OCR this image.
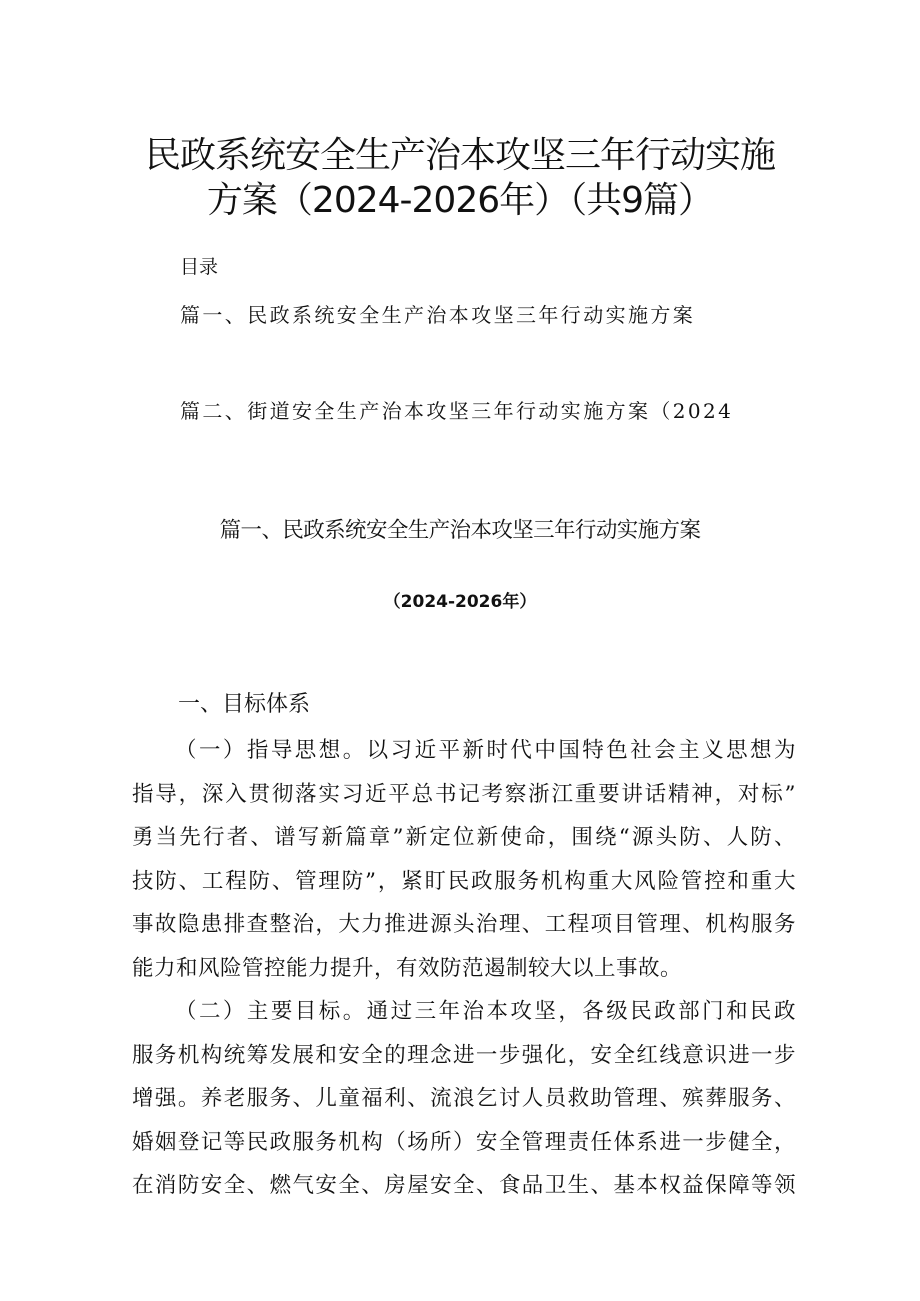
民政系统安全生产治本攻坚三年行动实施
方案（2024-2026年）（共9篇）
目录
篇一、民政系统安全生产治本攻坚三年行动实施方案
篇二、街道安全生产治本攻坚三年行动实施方案（2024
篇一、民政系统安全生产治本攻坚三年行动实施方案
（2024-2026年）
一、目标体系
（一）指导思想。以习近平新时代中国特色社会主义思想为
指导，深入贯彻落实习近平总书记考察浙江重要讲话精神，对标”
勇当先行者、谱写新篇章”新定位新使命，围绕“源头防、人防、
技防、工程防、管理防”，紧盯民政服务机构重大风险管控和重大
事故隐患排查整治，大力推进源头治理、工程项目管理、机构服务
能力和风险管控能力提升，有效防范遏制较大以上事故。
（二）主要目标。通过三年治本攻坚，各级民政部门和民政
服务机构统筹发展和安全的理念进一步强化，安全红线意识进一步
增强。养老服务、儿童福利、流浪乞讨人员救助管理、殡葬服务、
婚姻登记等民政服务机构（场所）安全管理责任体系进一步健全，
在消防安全、燃气安全、房屋安全、食品卫生、基本权益保障等领
